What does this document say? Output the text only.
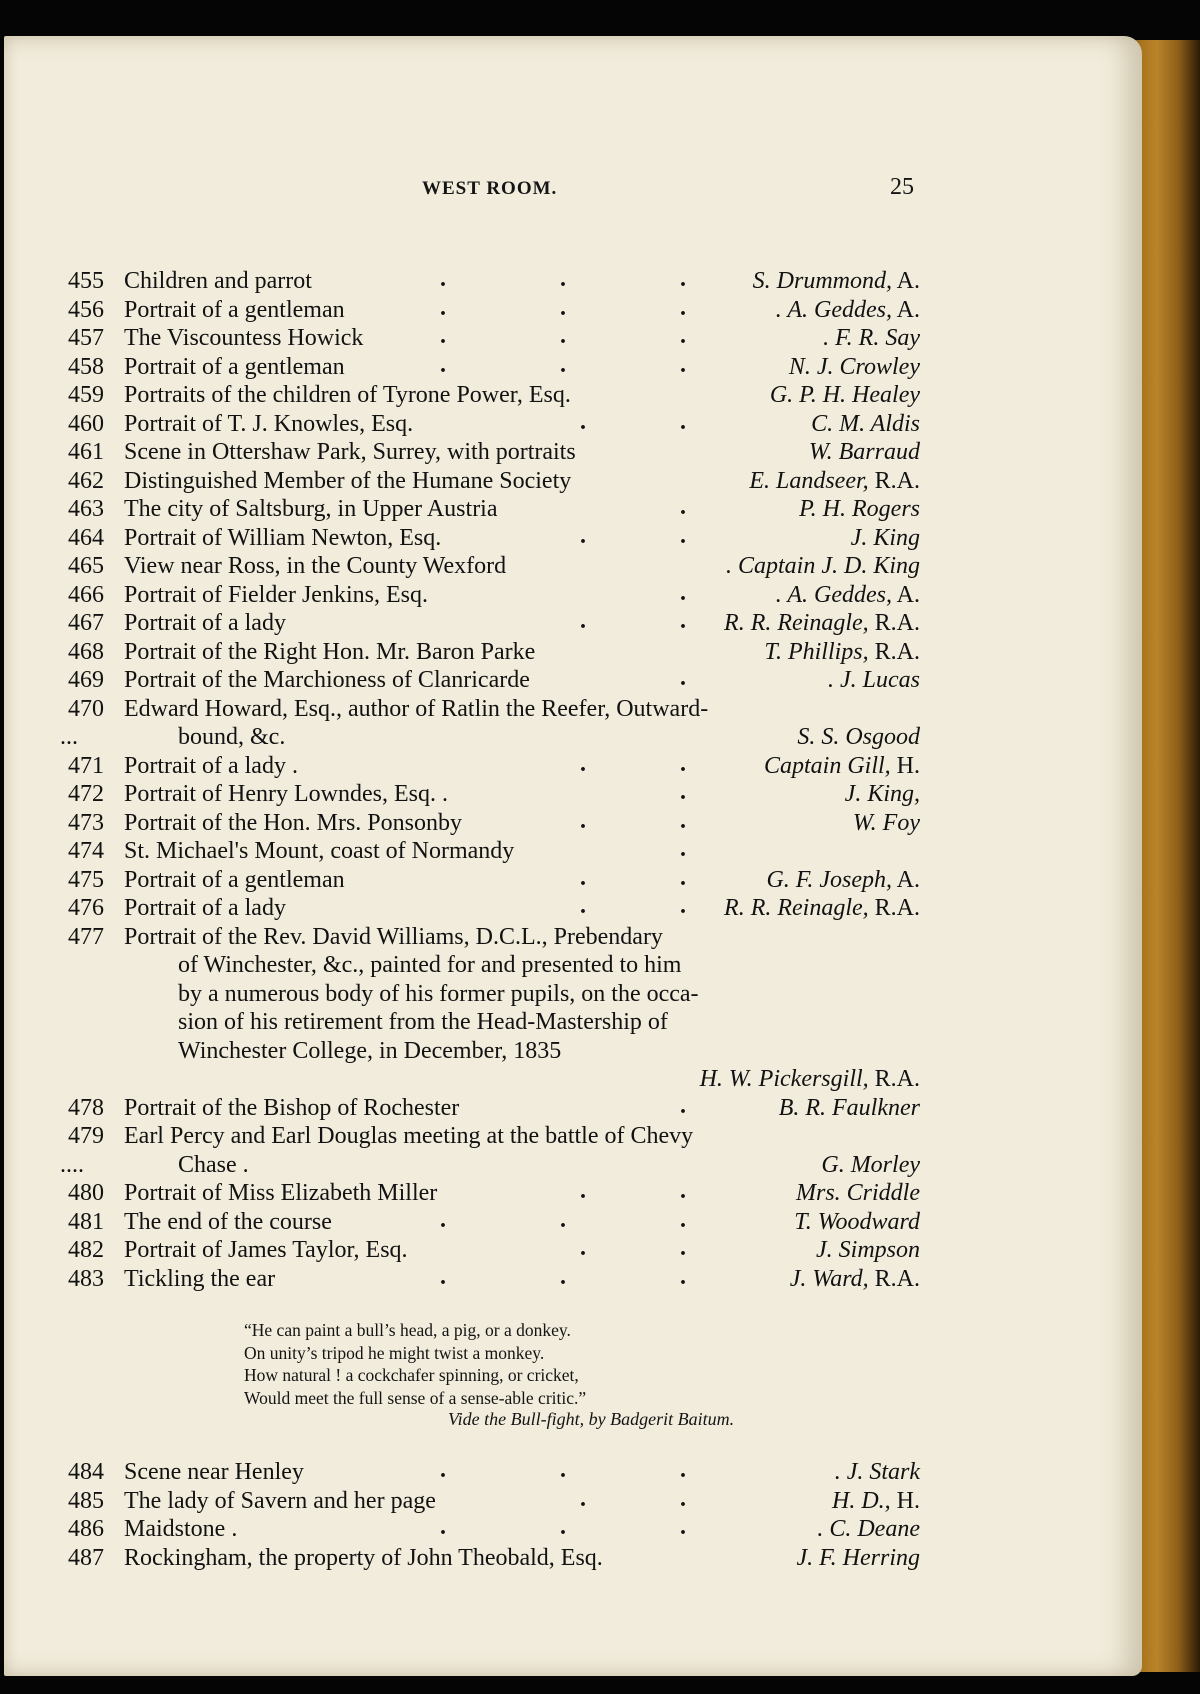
WEST ROOM.	25
455 Children and parrot	.	.	.	S. Drummond, A.
456 Portrait of a gentleman	.	.	.	. A. Geddes, A.
457 The Viscountess Howick	.	.	.	. F. R. Say
458 Portrait of a gentleman	.	.	.	N. J. Crowley
459 Portraits of the children of Tyrone Power, Esq.	G. P. H. Healey
460 Portrait of T. J. Knowles, Esq.	.	.	C. M. Aldis
461 Scene in Ottershaw Park, Surrey, with portraits	W. Barraud
462 Distinguished Member of the Humane Society	E. Landseer, R.A.
463 The city of Saltsburg, in Upper Austria	.	P. H. Rogers
464 Portrait of William Newton, Esq.	.	.	J. King
465 View near Ross, in the County Wexford	. Captain J. D. King
466 Portrait of Fielder Jenkins, Esq.	.	. A. Geddes, A.
467 Portrait of a lady	.	. R. R. Reinagle, R.A.
468 Portrait of the Right Hon. Mr. Baron Parke	T. Phillips, R.A.
469 Portrait of the Marchioness of Clanricarde	.	. J. Lucas
470 Edward Howard, Esq., author of Ratlin the Reefer, Outward-
bound, &c.
...	S. S. Osgood
471 Portrait of a lady .	.	.	Captain Gill, H.
472 Portrait of Henry Lowndes, Esq. .	.	J. King,
473 Portrait of the Hon. Mrs. Ponsonby	.	.	W. Foy
474 St. Michael's Mount, coast of Normandy	.
475 Portrait of a gentleman	.	.	G. F. Joseph, A.
476 Portrait of a lady	.	. R. R. Reinagle, R.A.
477 Portrait of the Rev. David Williams, D.C.L., Prebendary
of Winchester, &c., painted for and presented to him
by a numerous body of his former pupils, on the occa-
sion of his retirement from the Head-Mastership of
Winchester College, in December, 1835
H. W. Pickersgill, R.A.
478 Portrait of the Bishop of Rochester	.	B. R. Faulkner
479 Earl Percy and Earl Douglas meeting at the battle of Chevy
Chase .
....	G. Morley
480 Portrait of Miss Elizabeth Miller	.	.	Mrs. Criddle
481 The end of the course	.	.	.	T. Woodward
482 Portrait of James Taylor, Esq.	.	.	J. Simpson
483 Tickling the ear	.	.	.	J. Ward, R.A.
“He can paint a bull’s head, a pig, or a donkey.
On unity’s tripod he might twist a monkey.
How natural ! a cockchafer spinning, or cricket,
Would meet the full sense of a sense-able critic.”
Vide the Bull-fight, by Badgerit Baitum.
484 Scene near Henley	.	.	.	. J. Stark
485 The lady of Savern and her page	.	.	H. D., H.
486 Maidstone .	.	.	.	. C. Deane
487 Rockingham, the property of John Theobald, Esq.	J. F. Herring
